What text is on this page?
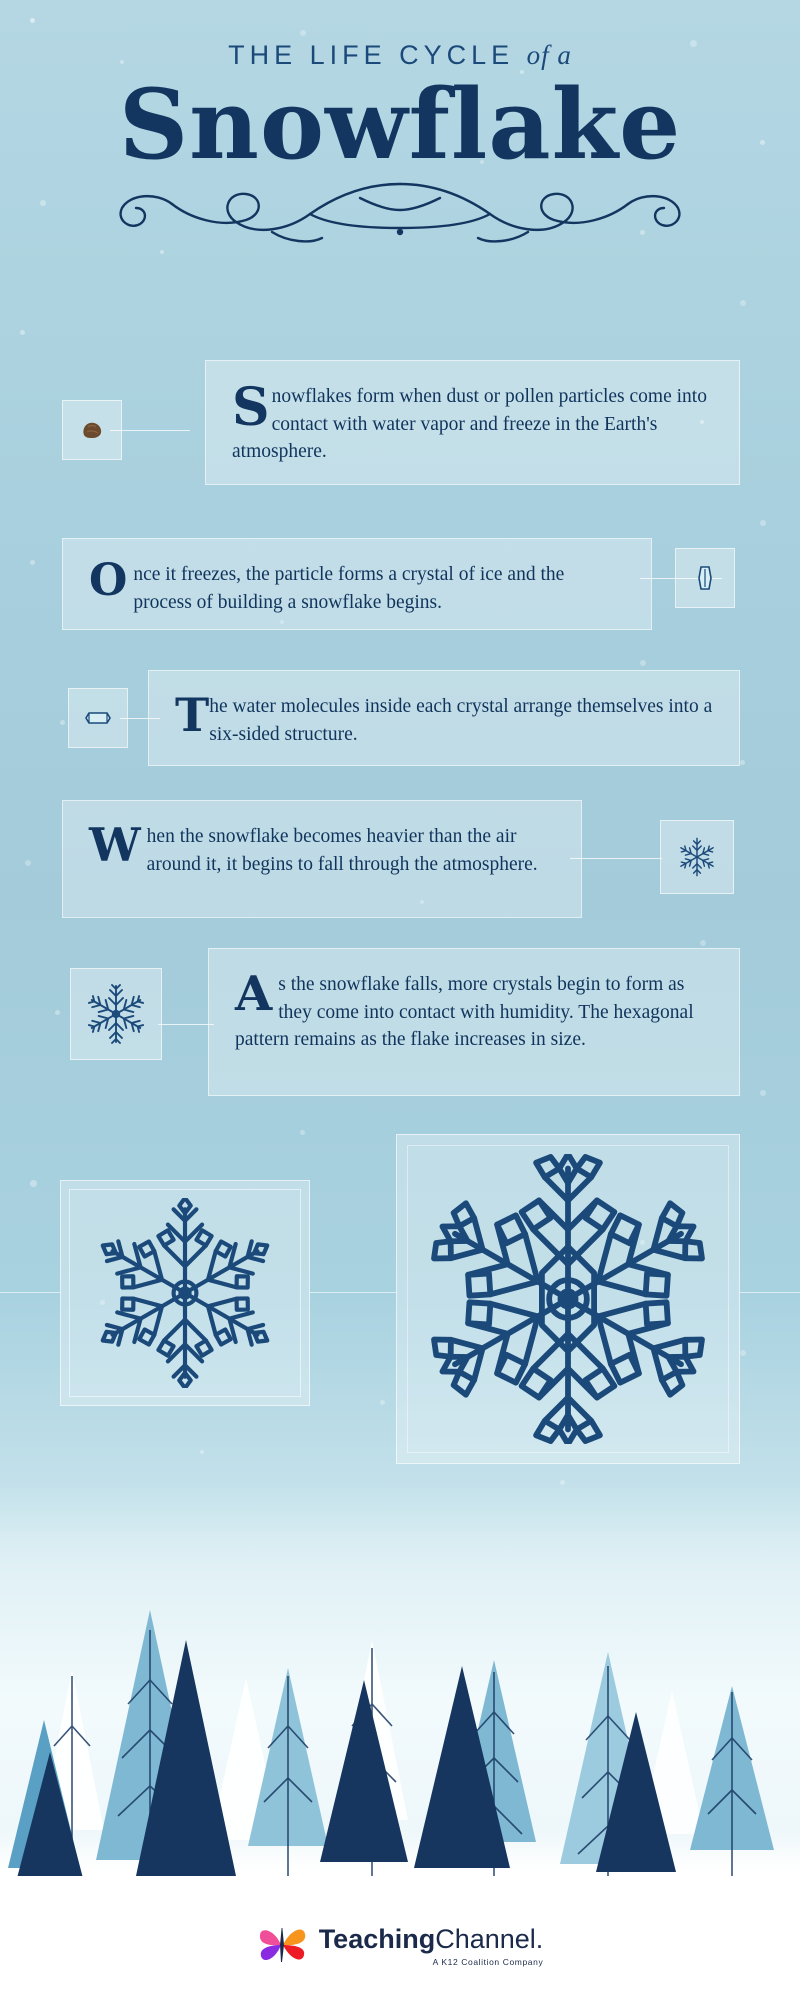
THE LIFE CYCLE of a
Snowflake

Snowflakes form when dust or pollen particles come into contact with water vapor and freeze in the Earth's atmosphere.

Once it freezes, the particle forms a crystal of ice and the process of building a snowflake begins.

The water molecules inside each crystal arrange themselves into a six-sided structure.

When the snowflake becomes heavier than the air around it, it begins to fall through the atmosphere.

As the snowflake falls, more crystals begin to form as they come into contact with humidity. The hexagonal pattern remains as the flake increases in size.

TeachingChannel.
A K12 Coalition Company
